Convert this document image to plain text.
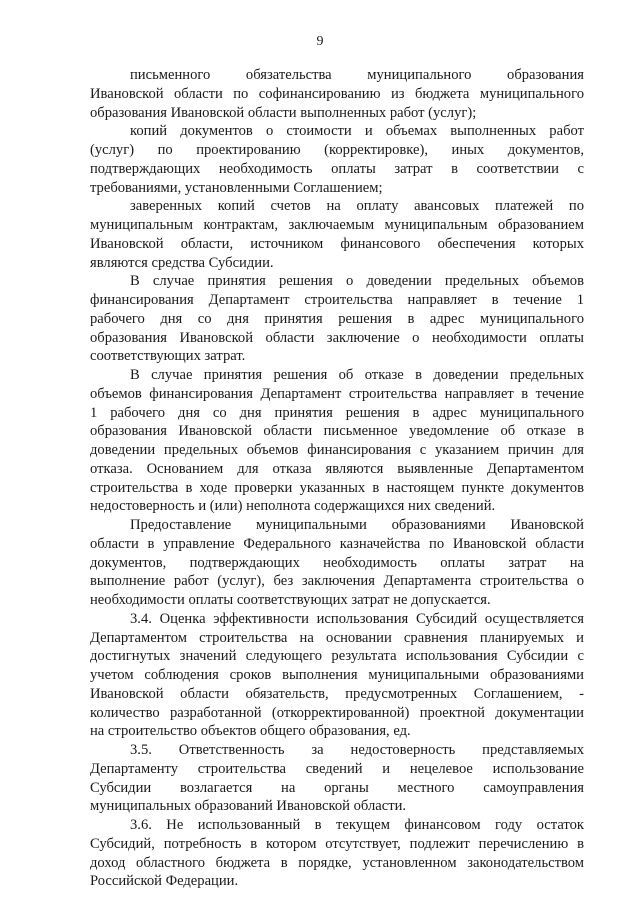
9
письменного обязательства муниципального образования
Ивановской области по софинансированию из бюджета муниципального
образования Ивановской области выполненных работ (услуг);
копий документов о стоимости и объемах выполненных работ
(услуг) по проектированию (корректировке), иных документов,
подтверждающих необходимость оплаты затрат в соответствии с
требованиями, установленными Соглашением;
заверенных копий счетов на оплату авансовых платежей по
муниципальным контрактам, заключаемым муниципальным образованием
Ивановской области, источником финансового обеспечения которых
являются средства Субсидии.
В случае принятия решения о доведении предельных объемов
финансирования Департамент строительства направляет в течение 1
рабочего дня со дня принятия решения в адрес муниципального
образования Ивановской области заключение о необходимости оплаты
соответствующих затрат.
В случае принятия решения об отказе в доведении предельных
объемов финансирования Департамент строительства направляет в течение
1 рабочего дня со дня принятия решения в адрес муниципального
образования Ивановской области письменное уведомление об отказе в
доведении предельных объемов финансирования с указанием причин для
отказа. Основанием для отказа являются выявленные Департаментом
строительства в ходе проверки указанных в настоящем пункте документов
недостоверность и (или) неполнота содержащихся них сведений.
Предоставление муниципальными образованиями Ивановской
области в управление Федерального казначейства по Ивановской области
документов, подтверждающих необходимость оплаты затрат на
выполнение работ (услуг), без заключения Департамента строительства о
необходимости оплаты соответствующих затрат не допускается.
3.4. Оценка эффективности использования Субсидий осуществляется
Департаментом строительства на основании сравнения планируемых и
достигнутых значений следующего результата использования Субсидии с
учетом соблюдения сроков выполнения муниципальными образованиями
Ивановской области обязательств, предусмотренных Соглашением, -
количество разработанной (откорректированной) проектной документации
на строительство объектов общего образования, ед.
3.5. Ответственность за недостоверность представляемых
Департаменту строительства сведений и нецелевое использование
Субсидии возлагается на органы местного самоуправления
муниципальных образований Ивановской области.
3.6. Не использованный в текущем финансовом году остаток
Субсидий, потребность в котором отсутствует, подлежит перечислению в
доход областного бюджета в порядке, установленном законодательством
Российской Федерации.
